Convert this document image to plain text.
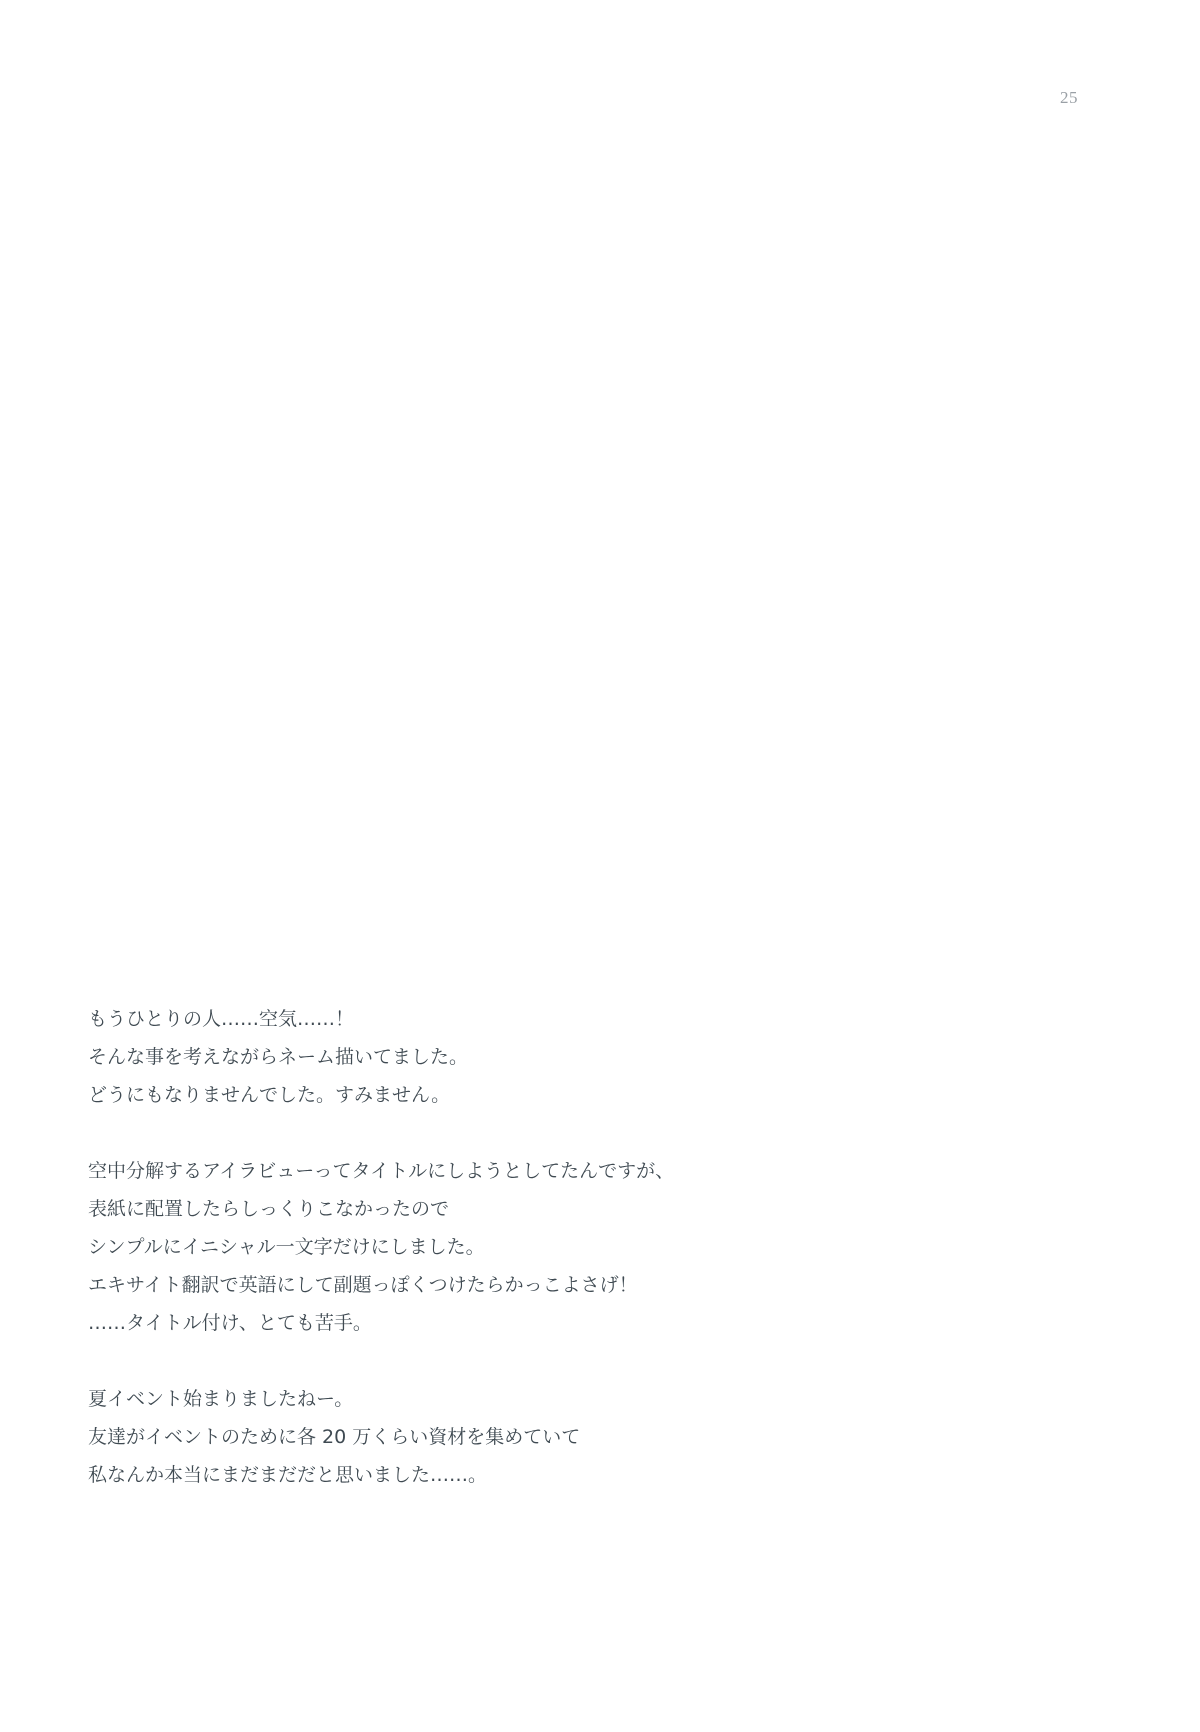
25
もうひとりの人……空気……！
そんな事を考えながらネーム描いてました。
どうにもなりませんでした。すみません。
空中分解するアイラビューってタイトルにしようとしてたんですが、
表紙に配置したらしっくりこなかったので
シンプルにイニシャル一文字だけにしました。
エキサイト翻訳で英語にして副題っぽくつけたらかっこよさげ！
……タイトル付け、とても苦手。
夏イベント始まりましたねー。
友達がイベントのために各 20 万くらい資材を集めていて
私なんか本当にまだまだだと思いました……。
